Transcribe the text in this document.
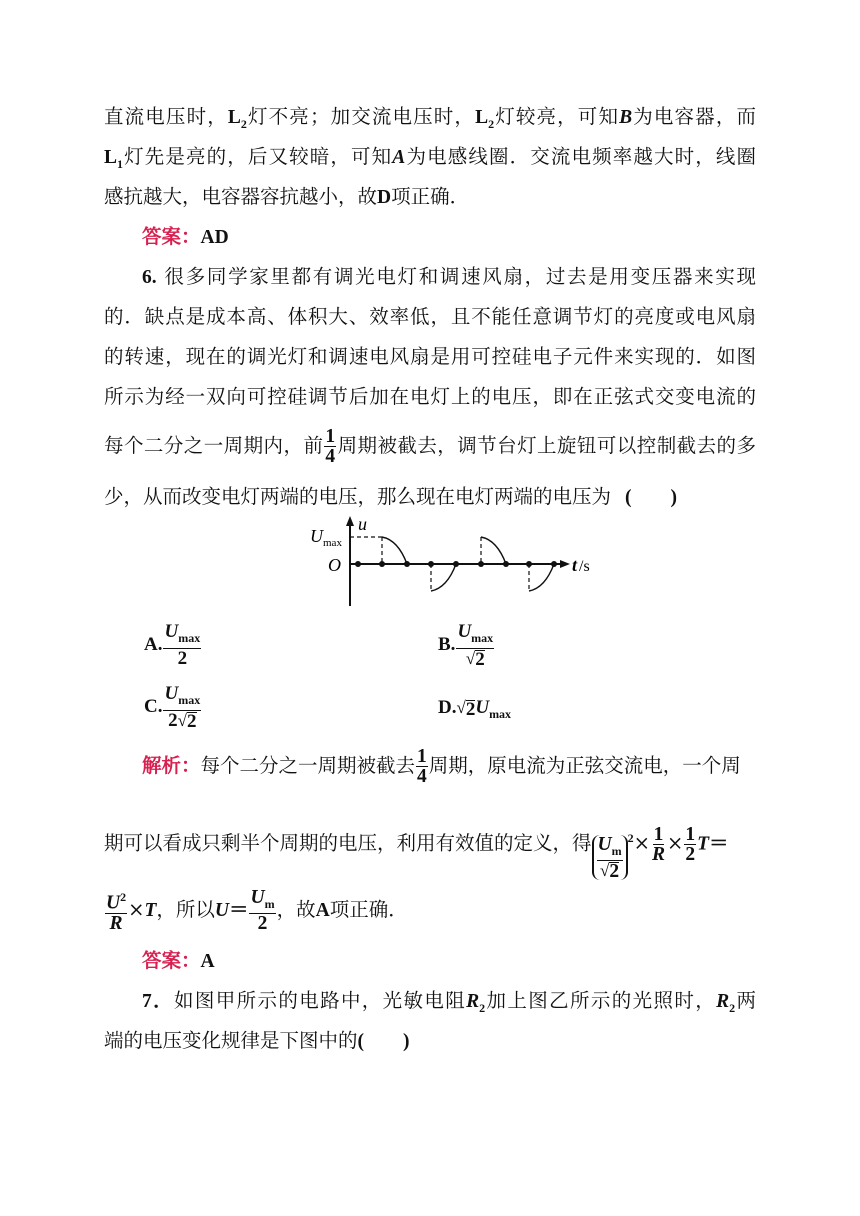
直流电压时，$L_2$灯不亮；加交流电压时，$L_2$灯较亮，可知B为电容器，而
$L_1$灯先是亮的，后又较暗，可知A为电感线圈．交流电频率越大时，线圈
感抗越大，电容器容抗越小，故D项正确．
答案：AD
6. 很多同学家里都有调光电灯和调速风扇，过去是用变压器来实现
的．缺点是成本高、体积大、效率低，且不能任意调节灯的亮度或电风扇
的转速，现在的调光灯和调速电风扇是用可控硅电子元件来实现的．如图
所示为经一双向可控硅调节后加在电灯上的电压，即在正弦式交变电流的
每个二分之一周期内，前 $\frac{1}{4}$ 周期被截去，调节台灯上旋钮可以控制截去的多
少，从而改变电灯两端的电压，那么现在电灯两端的电压为 (　　)
U max
u
O	t /s
A. $\frac{U_{max}}{2}$	B. $\frac{U_{max}}{√ 2}$
C. $\frac{U_{max}}{2 √ 2}$	D. √ 2 $U_{max}$
解析：每个二分之一周期被截去 $\frac{1}{4}$ 周期，原电流为正弦交流电，一个周
期可以看成只剩半个周期的电压，利用有效值的定义，得 $\frac{U_m}{√ 2} ^2\times \frac{1}{R} \times \frac{1}{2} T=$
$\frac{U^2}{R} \times T$，所以$U= \frac{U_m}{2}$ ，故A项正确．
答案：A
7．如图甲所示的电路中，光敏电阻$R_2$加上图乙所示的光照时，$R_2$两
端的电压变化规律是下图中的(　　)
